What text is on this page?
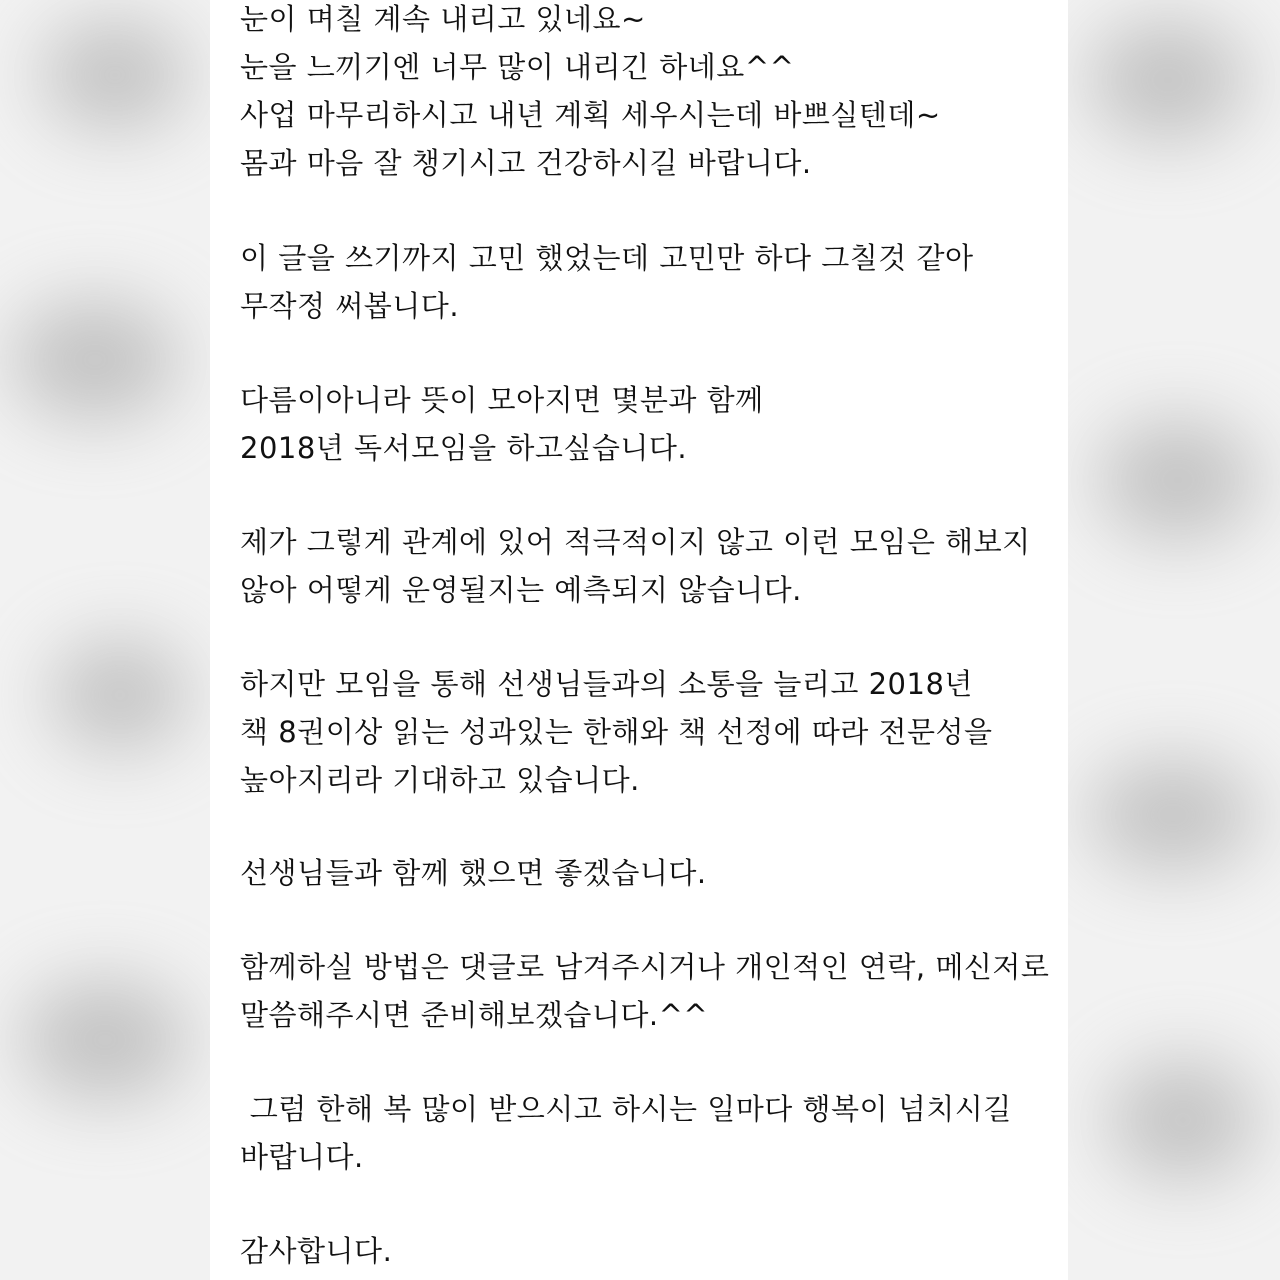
눈이 며칠 계속 내리고 있네요~
눈을 느끼기엔 너무 많이 내리긴 하네요^^
사업 마무리하시고 내년 계획 세우시는데 바쁘실텐데~
몸과 마음 잘 챙기시고 건강하시길 바랍니다.
이 글을 쓰기까지 고민 했었는데 고민만 하다 그칠것 같아
무작정 써봅니다.
다름이아니라 뜻이 모아지면 몇분과 함께
2018년 독서모임을 하고싶습니다.
제가 그렇게 관계에 있어 적극적이지 않고 이런 모임은 해보지
않아 어떻게 운영될지는 예측되지 않습니다.
하지만 모임을 통해 선생님들과의 소통을 늘리고 2018년
책 8권이상 읽는 성과있는 한해와 책 선정에 따라 전문성을
높아지리라 기대하고 있습니다.
선생님들과 함께 했으면 좋겠습니다.
함께하실 방법은 댓글로 남겨주시거나 개인적인 연락, 메신저로
말씀해주시면 준비해보겠습니다.^^
그럼 한해 복 많이 받으시고 하시는 일마다 행복이 넘치시길
바랍니다.
감사합니다.
